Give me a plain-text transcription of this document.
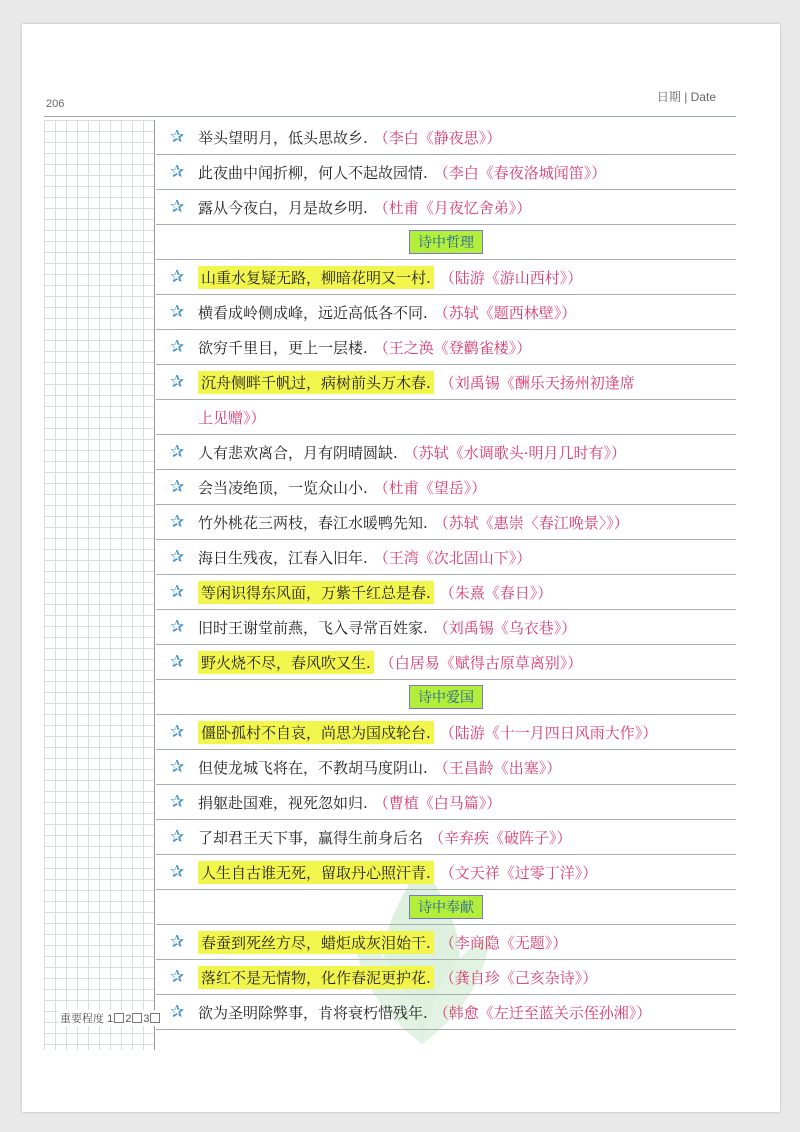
206	日期 | Date
重要程度 1 2 3
✰ 举头望明月，低头思故乡. （李白《静夜思》）
✰ 此夜曲中闻折柳，何人不起故园情. （李白《春夜洛城闻笛》）
✰ 露从今夜白，月是故乡明. （杜甫《月夜忆舍弟》）
诗中哲理
✰	山重水复疑无路，柳暗花明又一村. （陆游《游山西村》）
✰ 横看成岭侧成峰，远近高低各不同. （苏轼《题西林壁》）
✰ 欲穷千里目，更上一层楼. （王之涣《登鹳雀楼》）
✰	沉舟侧畔千帆过，病树前头万木春. （刘禹锡《酬乐天扬州初逢席
上见赠》）
✰ 人有悲欢离合，月有阴晴圆缺. （苏轼《水调歌头·明月几时有》）
✰ 会当凌绝顶，一览众山小. （杜甫《望岳》）
✰ 竹外桃花三两枝，春江水暖鸭先知. （苏轼《惠崇〈春江晚景〉》）
✰ 海日生残夜，江春入旧年. （王湾《次北固山下》）
✰	等闲识得东风面，万紫千红总是春. （朱熹《春日》）
✰ 旧时王谢堂前燕，飞入寻常百姓家. （刘禹锡《乌衣巷》）
✰	野火烧不尽，春风吹又生. （白居易《赋得古原草离别》）
诗中爱国
✰	僵卧孤村不自哀，尚思为国戍轮台. （陆游《十一月四日风雨大作》）
✰ 但使龙城飞将在，不教胡马度阴山. （王昌龄《出塞》）
✰ 捐躯赴国难，视死忽如归. （曹植《白马篇》）
✰ 了却君王天下事，赢得生前身后名 （辛弃疾《破阵子》）
✰	人生自古谁无死，留取丹心照汗青. （文天祥《过零丁洋》）
诗中奉献
✰	春蚕到死丝方尽，蜡炬成灰泪始干. （李商隐《无题》）
✰	落红不是无情物，化作春泥更护花. （龚自珍《己亥杂诗》）
✰ 欲为圣明除弊事，肯将衰朽惜残年. （韩愈《左迁至蓝关示侄孙湘》）
